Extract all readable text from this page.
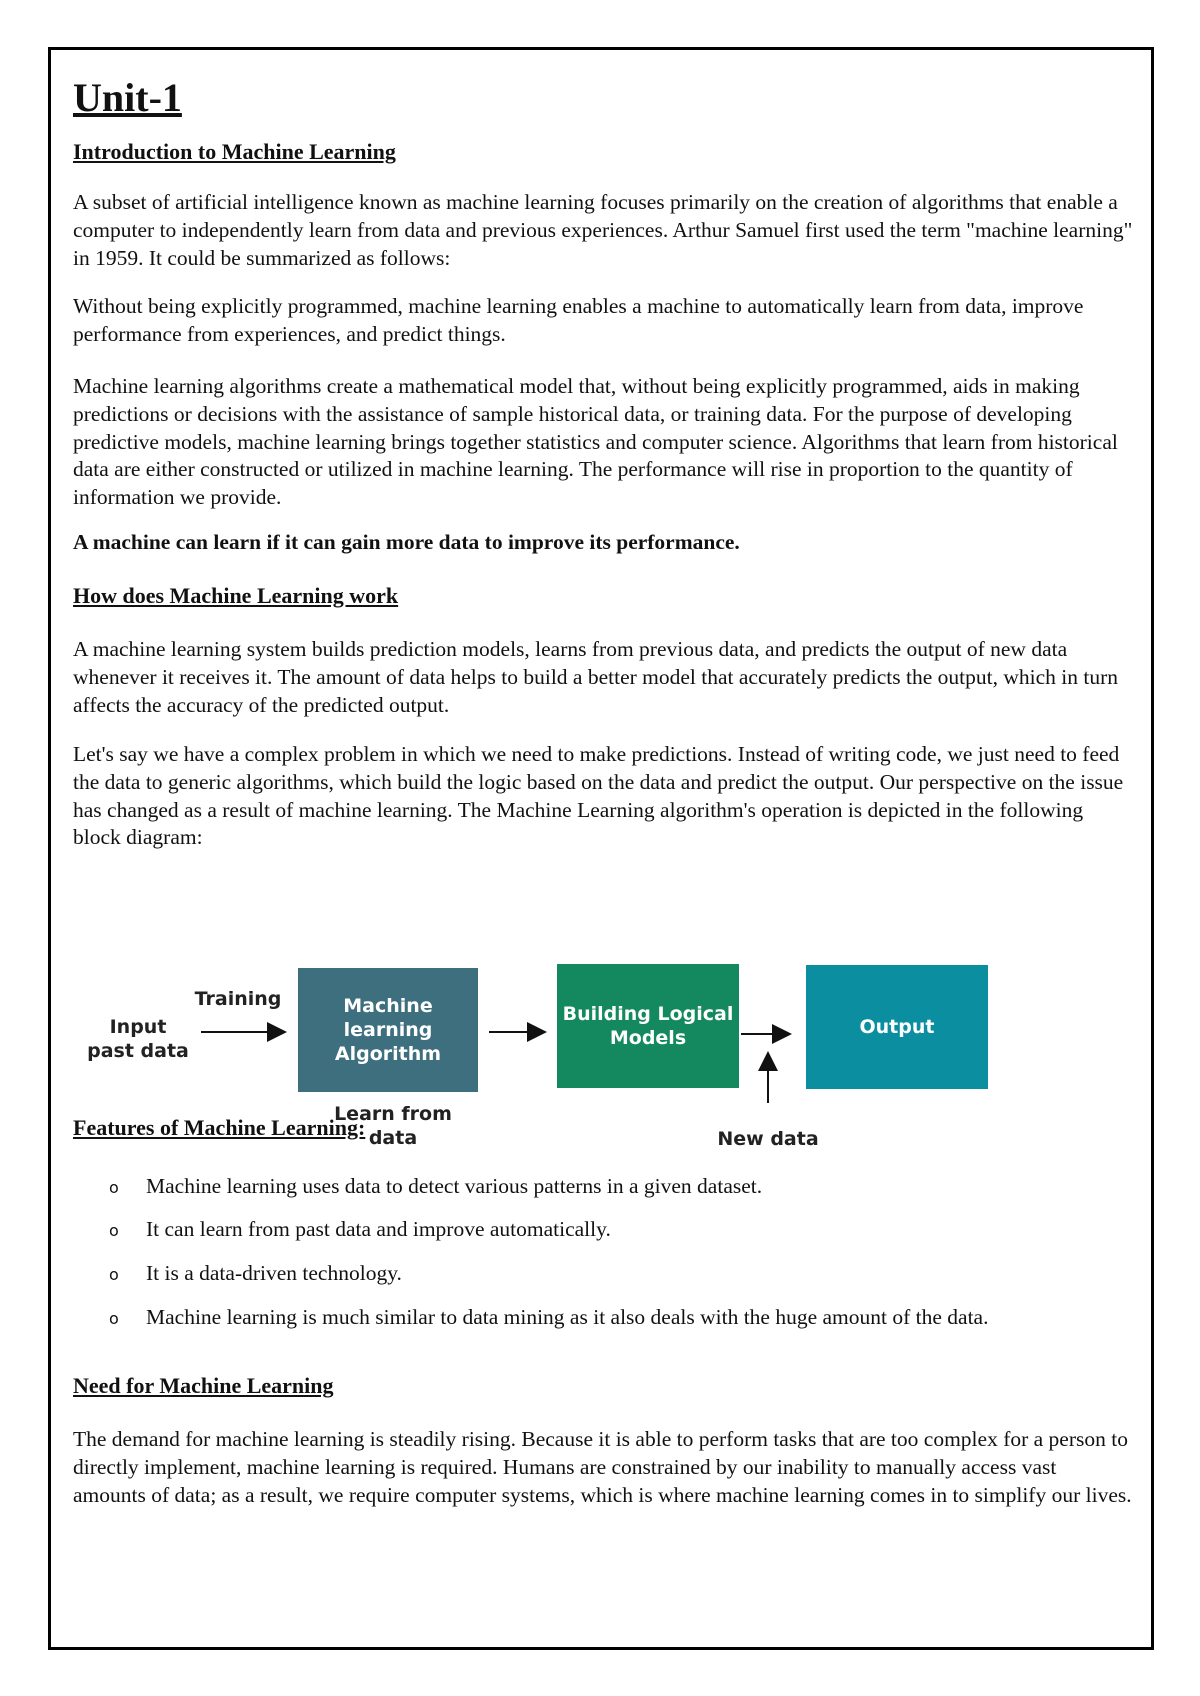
Unit-1
Introduction to Machine Learning

A subset of artificial intelligence known as machine learning focuses primarily on the creation of algorithms that enable a computer to independently learn from data and previous experiences. Arthur Samuel first used the term "machine learning" in 1959. It could be summarized as follows:

Without being explicitly programmed, machine learning enables a machine to automatically learn from data, improve performance from experiences, and predict things.

Machine learning algorithms create a mathematical model that, without being explicitly programmed, aids in making predictions or decisions with the assistance of sample historical data, or training data. For the purpose of developing predictive models, machine learning brings together statistics and computer science. Algorithms that learn from historical data are either constructed or utilized in machine learning. The performance will rise in proportion to the quantity of information we provide.

A machine can learn if it can gain more data to improve its performance.

How does Machine Learning work

A machine learning system builds prediction models, learns from previous data, and predicts the output of new data whenever it receives it. The amount of data helps to build a better model that accurately predicts the output, which in turn affects the accuracy of the predicted output.

Let's say we have a complex problem in which we need to make predictions. Instead of writing code, we just need to feed the data to generic algorithms, which build the logic based on the data and predict the output. Our perspective on the issue has changed as a result of machine learning. The Machine Learning algorithm's operation is depicted in the following block diagram:

Features of Machine Learning:
o Machine learning uses data to detect various patterns in a given dataset.
o It can learn from past data and improve automatically.
o It is a data-driven technology.
o Machine learning is much similar to data mining as it also deals with the huge amount of the data.
Need for Machine Learning

The demand for machine learning is steadily rising. Because it is able to perform tasks that are too complex for a person to directly implement, machine learning is required. Humans are constrained by our inability to manually access vast amounts of data; as a result, we require computer systems, which is where machine learning comes in to simplify our lives.

Input past data
Training	Machine learning Algorithm
Learn from data
Building Logical Models	Output
New data
